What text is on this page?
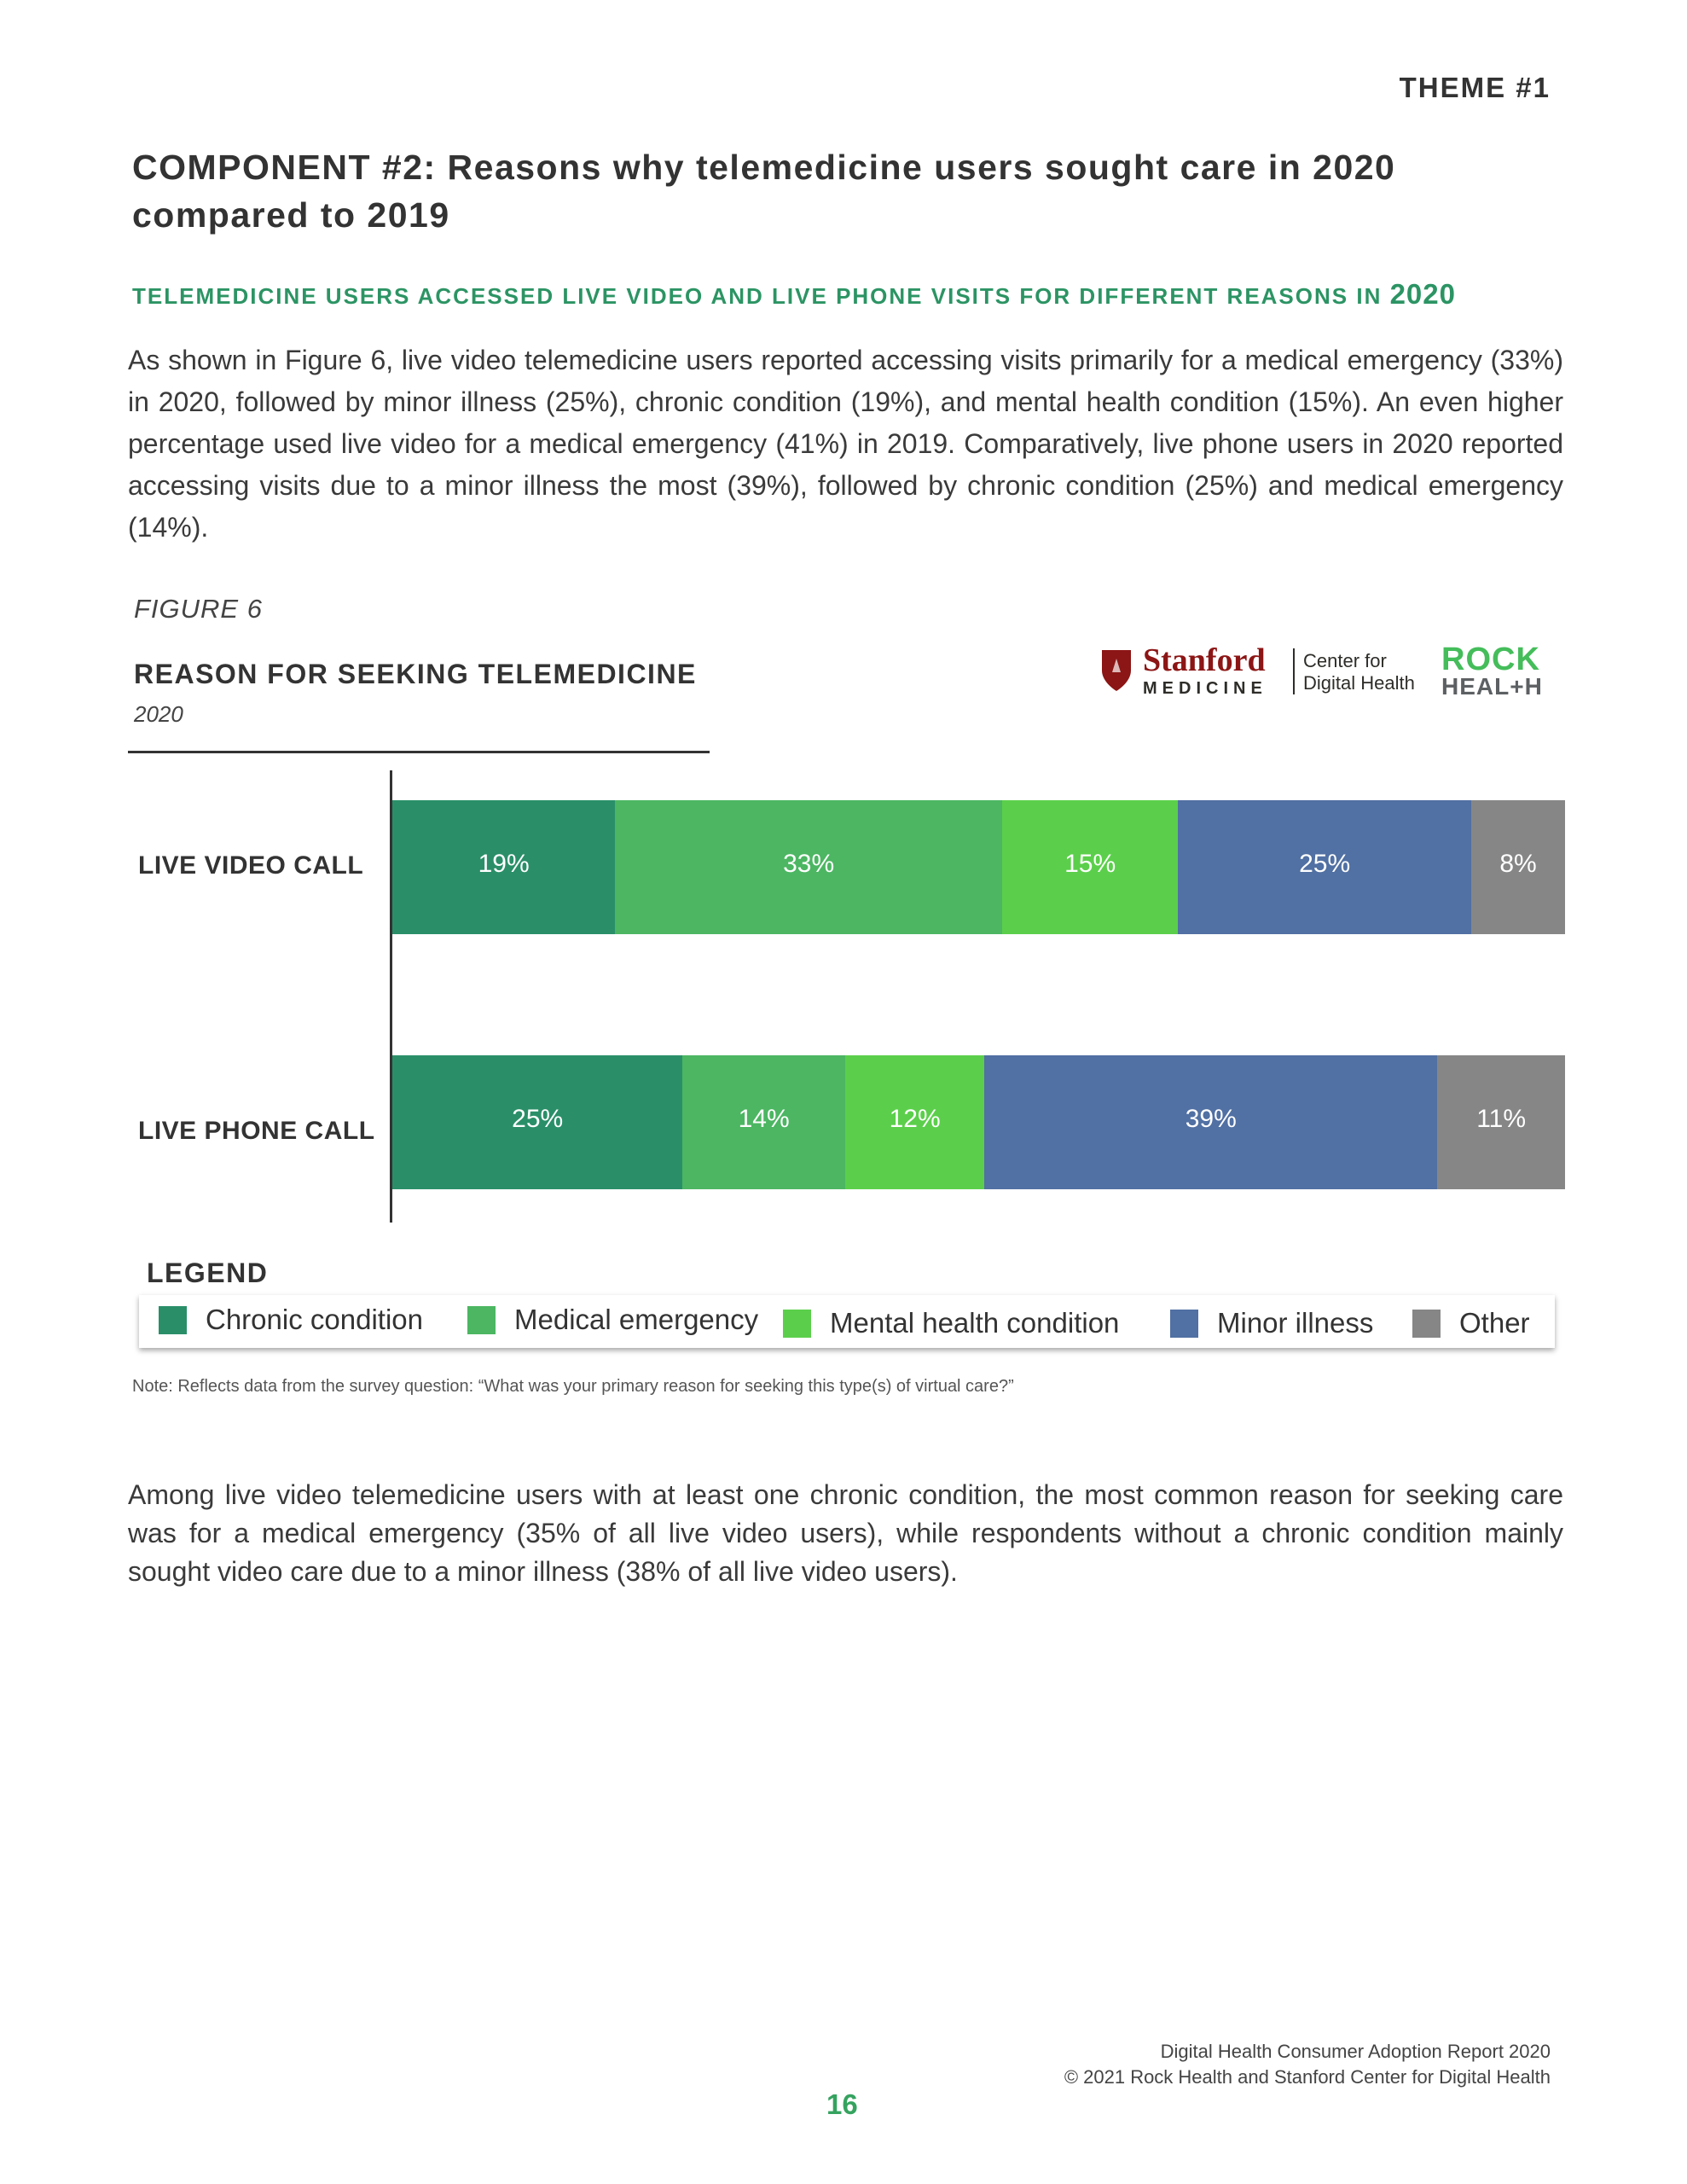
THEME #1
COMPONENT #2: Reasons why telemedicine users sought care in 2020
compared to 2019
TELEMEDICINE USERS ACCESSED LIVE VIDEO AND LIVE PHONE VISITS FOR DIFFERENT REASONS IN 2020
As shown in Figure 6, live video telemedicine users reported accessing visits primarily for a medical emergency (33%) in 2020, followed by minor illness (25%), chronic condition (19%), and mental health condition (15%). An even higher percentage used live video for a medical emergency (41%) in 2019. Comparatively, live phone users in 2020 reported accessing visits due to a minor illness the most (39%), followed by chronic condition (25%) and medical emergency (14%).
FIGURE 6
REASON FOR SEEKING TELEMEDICINE
2020
Stanford
MEDICINE
Center for
Digital Health
ROCK
HEAL+H
LIVE VIDEO CALL
LIVE PHONE CALL
19%	33%	15%	25%	8%
25%	14%	12%	39%	11%
LEGEND
Chronic condition	Medical emergency	Mental health condition	Minor illness	Other
Note: Reflects data from the survey question: “What was your primary reason for seeking this type(s) of virtual care?”
Among live video telemedicine users with at least one chronic condition, the most common reason for seeking care was for a medical emergency (35% of all live video users), while respondents without a chronic condition mainly sought video care due to a minor illness (38% of all live video users).
Digital Health Consumer Adoption Report 2020
© 2021 Rock Health and Stanford Center for Digital Health
16
